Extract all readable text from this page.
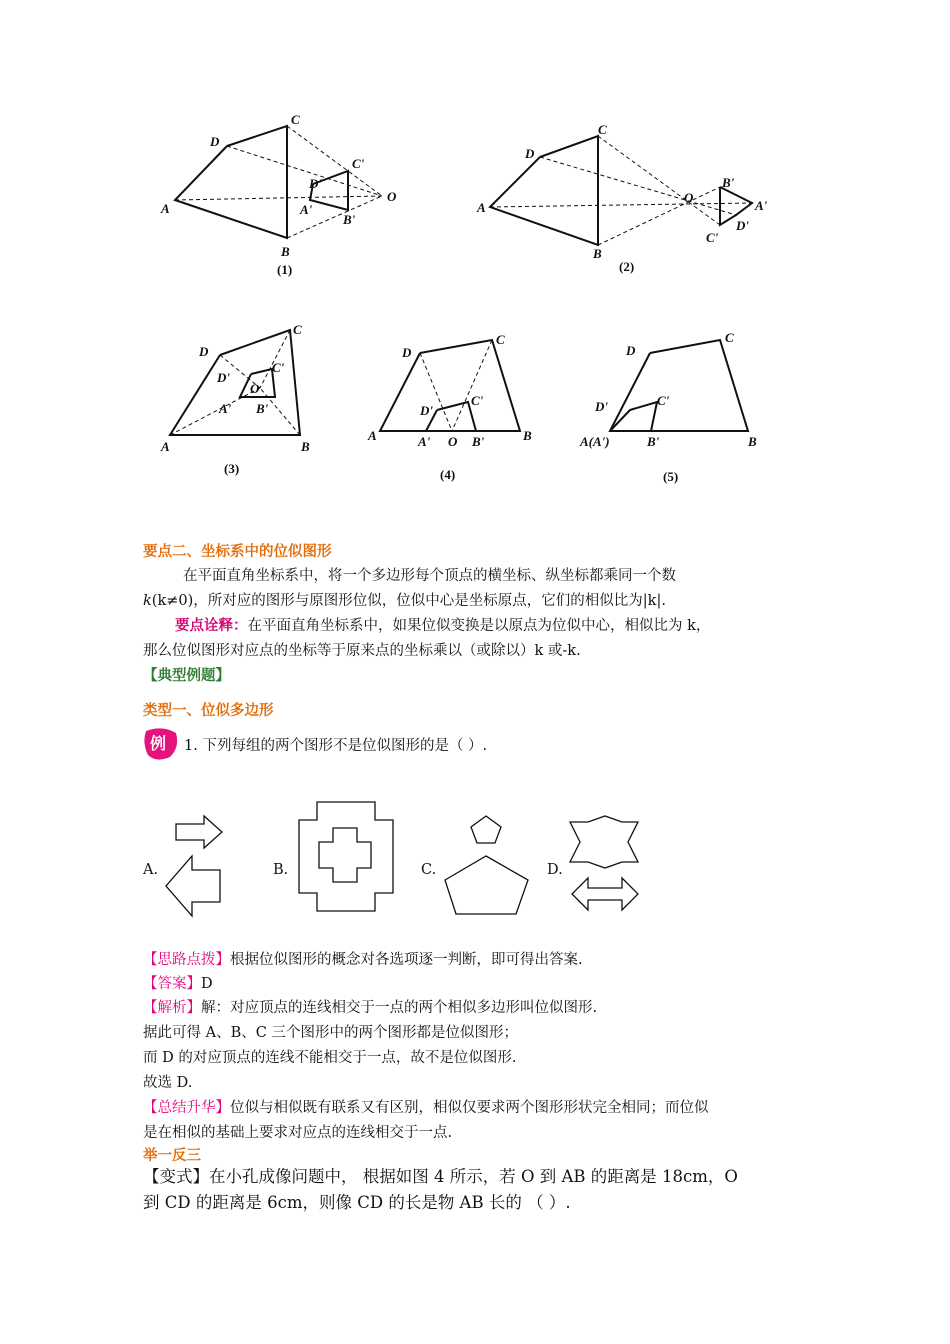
D
C
A
B
C'
D'
A'
B'
O
(1)
D
C
A
B
O
B'
A'
D'
C'
(2)
D
C
A	B
D'
C'
O
A' B'
(3)
D
C
A	B
D'
C'
A' O B'
(4)
D
C
D'	C'
A(A')	B'	B
(5)
要点二、坐标系中的位似图形
在平面直角坐标系中，将一个多边形每个顶点的横坐标、纵坐标都乘同一个数
k(k≠0)，所对应的图形与原图形位似，位似中心是坐标原点，它们的相似比为|k|.
要点诠释：在平面直角坐标系中，如果位似变换是以原点为位似中心，相似比为 k，
那么位似图形对应点的坐标等于原来点的坐标乘以（或除以）k 或-k.
【典型例题】
类型一、位似多边形
例 1. 下列每组的两个图形不是位似图形的是（ ）.
A.	B.	C.	D.
【思路点拨】根据位似图形的概念对各选项逐一判断，即可得出答案.
【答案】D
【解析】解：对应顶点的连线相交于一点的两个相似多边形叫位似图形.
据此可得 A、B、C 三个图形中的两个图形都是位似图形；
而 D 的对应顶点的连线不能相交于一点，故不是位似图形.
故选 D.
【总结升华】位似与相似既有联系又有区别，相似仅要求两个图形形状完全相同；而位似
是在相似的基础上要求对应点的连线相交于一点.
举一反三
【变式】在小孔成像问题中， 根据如图 4 所示，若 O 到 AB 的距离是 18cm，O
到 CD 的距离是 6cm，则像 CD 的长是物 AB 长的 （ ）.
